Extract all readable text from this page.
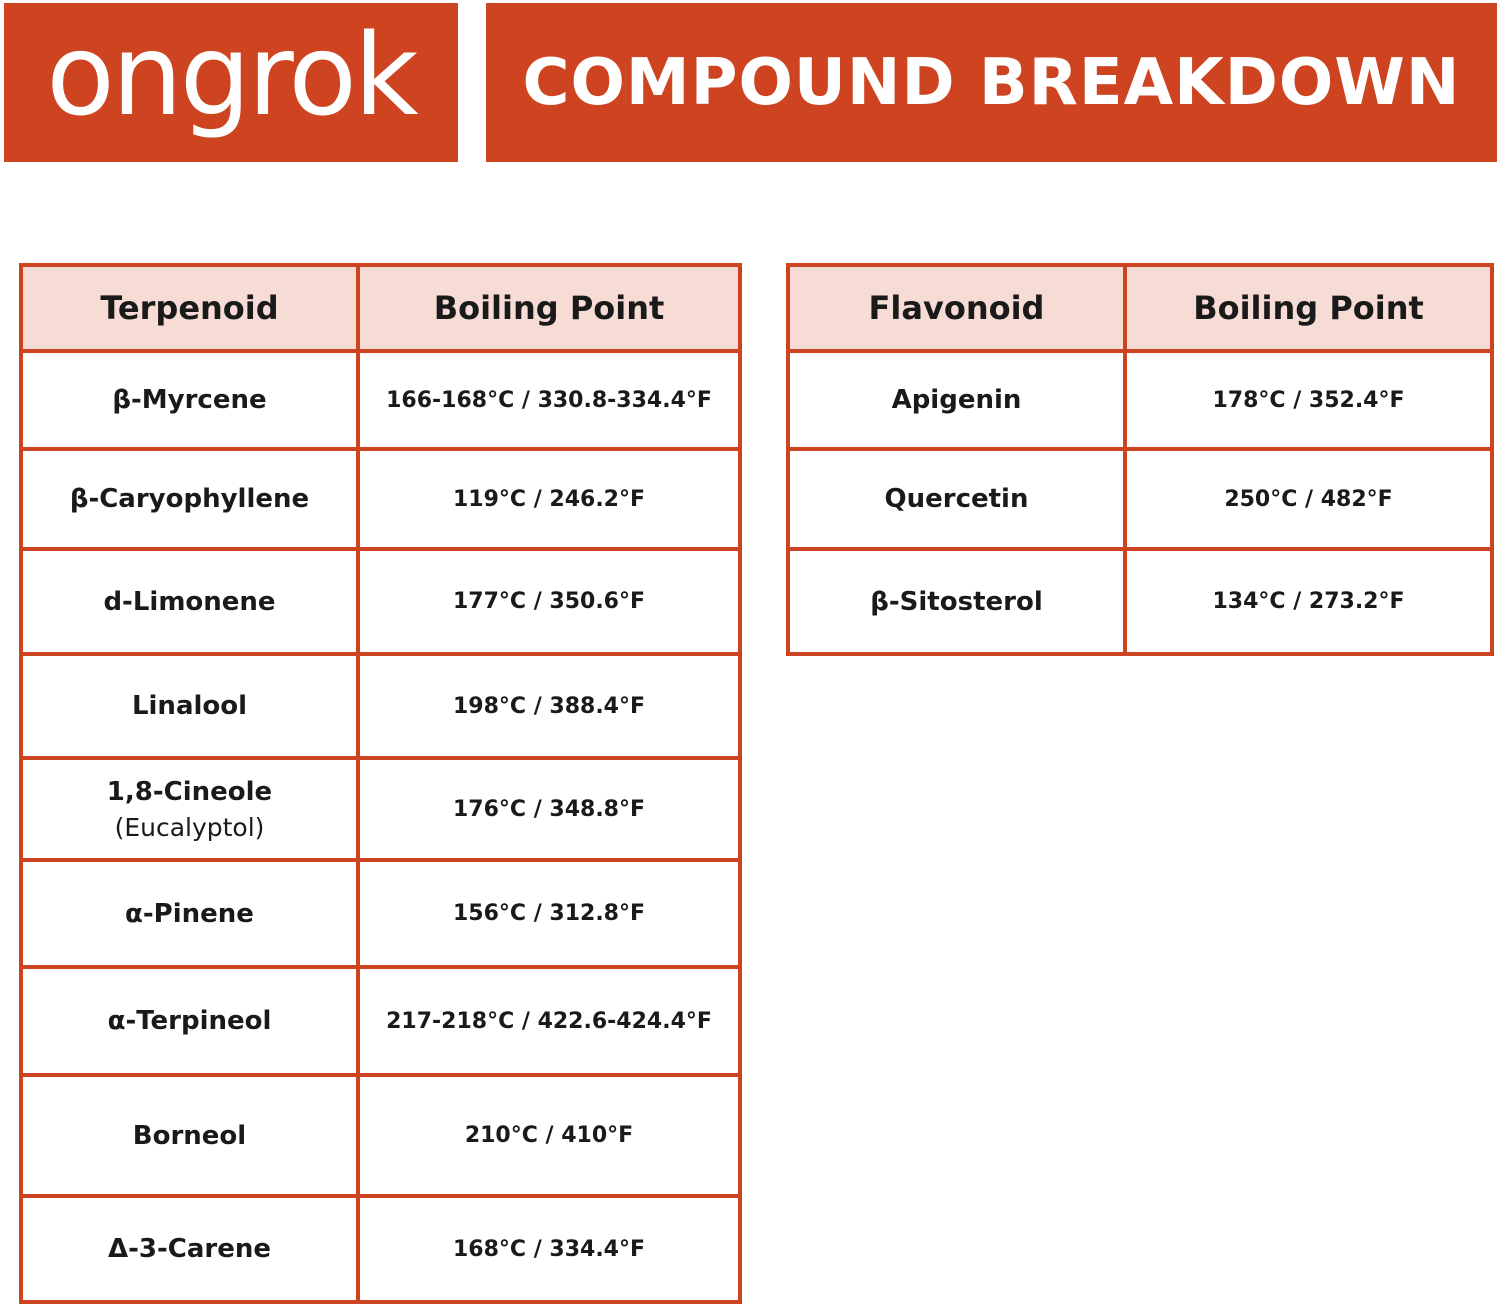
ongrok COMPOUND BREAKDOWN
Terpenoid	Boiling Point
β-Myrcene	166-168°C / 330.8-334.4°F
β-Caryophyllene	119°C / 246.2°F
d-Limonene	177°C / 350.6°F
Linalool	198°C / 388.4°F
1,8-Cineole
(Eucalyptol)	176°C / 348.8°F
α-Pinene	156°C / 312.8°F
α-Terpineol	217-218°C / 422.6-424.4°F
Borneol	210°C / 410°F
Δ-3-Carene	168°C / 334.4°F
Flavonoid	Boiling Point
Apigenin	178°C / 352.4°F
Quercetin	250°C / 482°F
β-Sitosterol	134°C / 273.2°F
